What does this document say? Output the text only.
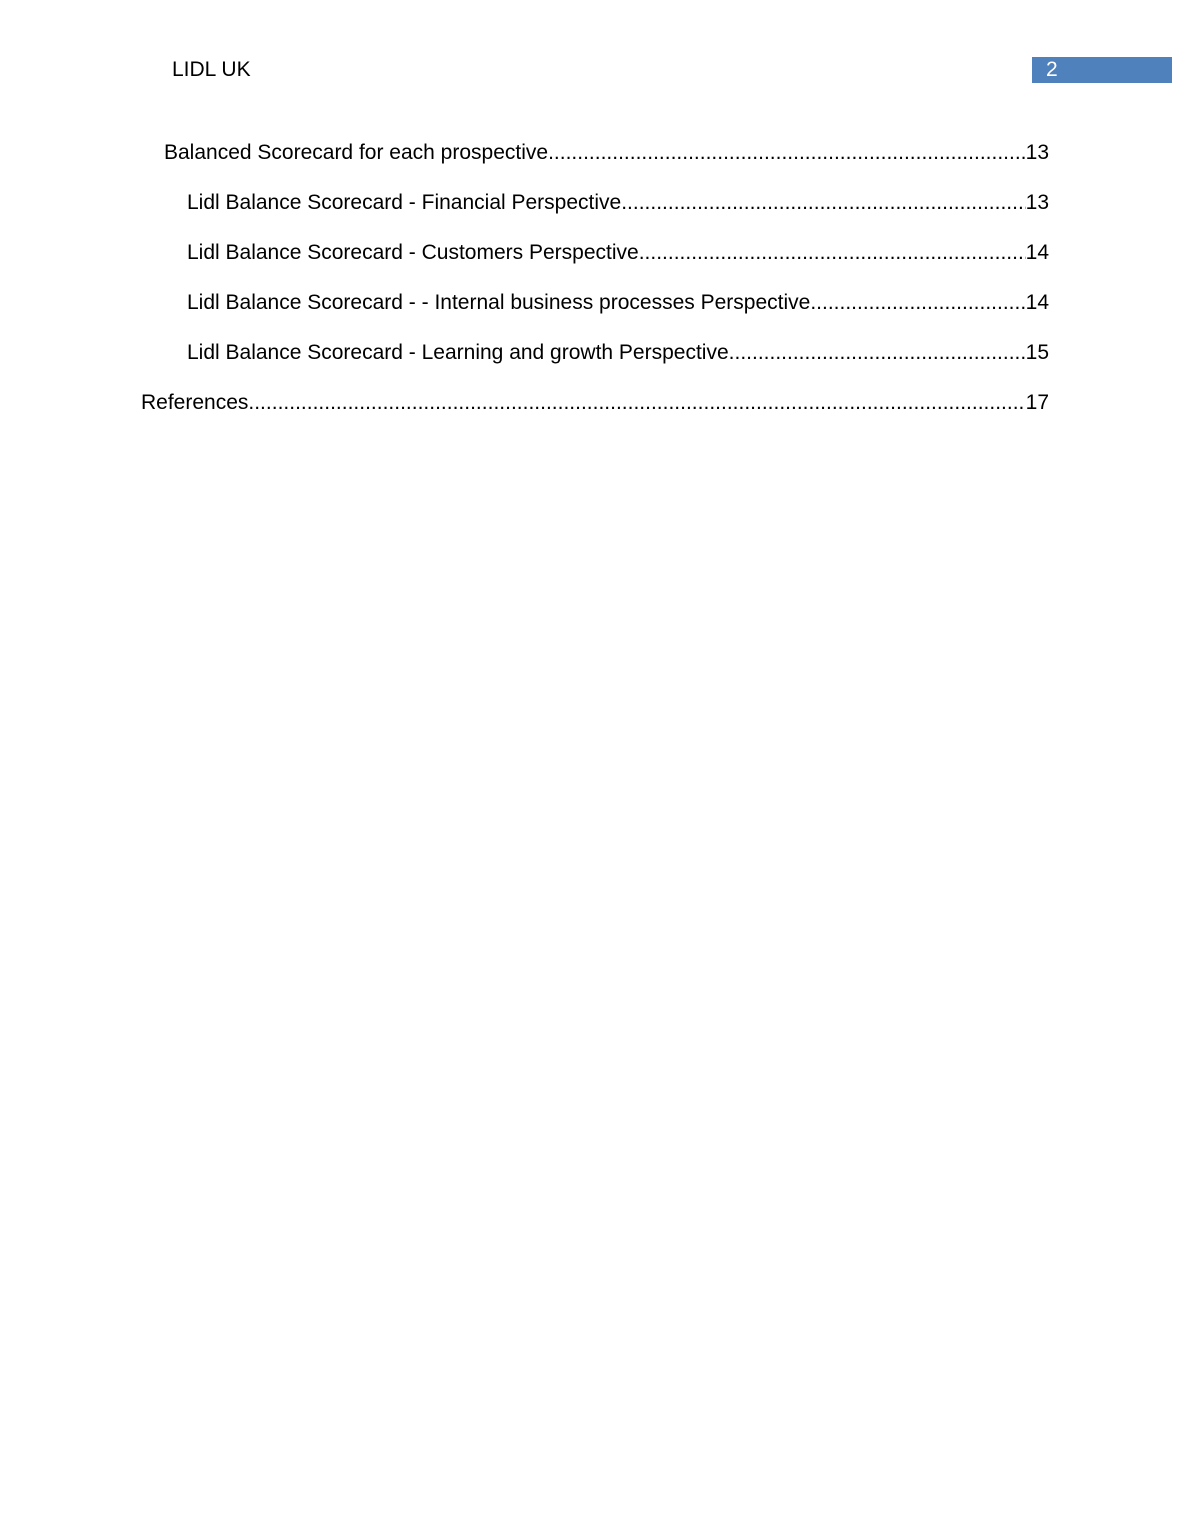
LIDL UK	2
Balanced Scorecard for each prospective .....	13
Lidl Balance Scorecard - Financial Perspective .....	13
Lidl Balance Scorecard - Customers Perspective .....	14
Lidl Balance Scorecard - - Internal business processes Perspective .....	14
Lidl Balance Scorecard - Learning and growth Perspective .....	15
References .....	17
